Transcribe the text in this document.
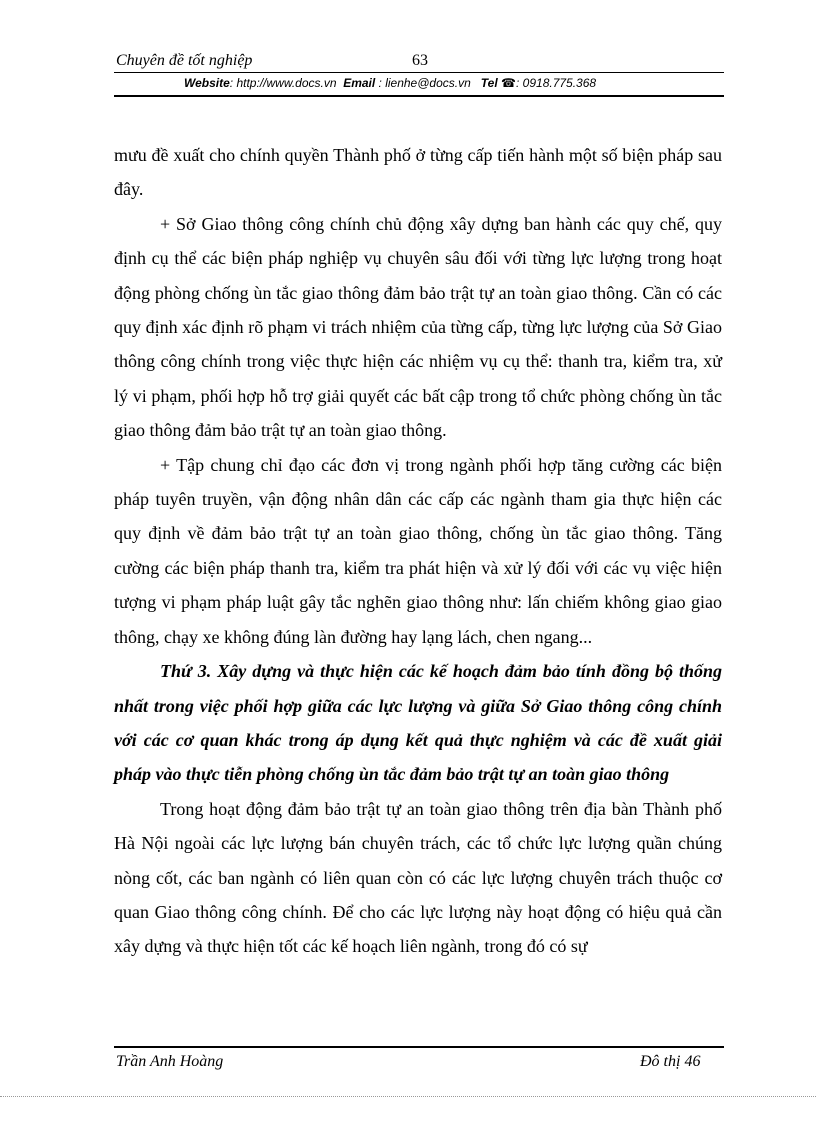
Chuyên đề tốt nghiệp	63
Website: http://www.docs.vn Email : lienhe@docs.vn Tel ☎: 0918.775.368

mưu đề xuất cho chính quyền Thành phố ở từng cấp tiến hành một số biện pháp sau đây.

+ Sở Giao thông công chính chủ động xây dựng ban hành các quy chế, quy định cụ thể các biện pháp nghiệp vụ chuyên sâu đối với từng lực lượng trong hoạt động phòng chống ùn tắc giao thông đảm bảo trật tự an toàn giao thông. Cần có các quy định xác định rõ phạm vi trách nhiệm của từng cấp, từng lực lượng của Sở Giao thông công chính trong việc thực hiện các nhiệm vụ cụ thể: thanh tra, kiểm tra, xử lý vi phạm, phối hợp hỗ trợ giải quyết các bất cập trong tổ chức phòng chống ùn tắc giao thông đảm bảo trật tự an toàn giao thông.

+ Tập chung chỉ đạo các đơn vị trong ngành phối hợp tăng cường các biện pháp tuyên truyền, vận động nhân dân các cấp các ngành tham gia thực hiện các quy định về đảm bảo trật tự an toàn giao thông, chống ùn tắc giao thông. Tăng cường các biện pháp thanh tra, kiểm tra phát hiện và xử lý đối với các vụ việc hiện tượng vi phạm pháp luật gây tắc nghẽn giao thông như: lấn chiếm không giao giao thông, chạy xe không đúng làn đường hay lạng lách, chen ngang...

Thứ 3. Xây dựng và thực hiện các kế hoạch đảm bảo tính đồng bộ thống nhất trong việc phối hợp giữa các lực lượng và giữa Sở Giao thông công chính với các cơ quan khác trong áp dụng kết quả thực nghiệm và các đề xuất giải pháp vào thực tiễn phòng chống ùn tắc đảm bảo trật tự an toàn giao thông

Trong hoạt động đảm bảo trật tự an toàn giao thông trên địa bàn Thành phố Hà Nội ngoài các lực lượng bán chuyên trách, các tổ chức lực lượng quần chúng nòng cốt, các ban ngành có liên quan còn có các lực lượng chuyên trách thuộc cơ quan Giao thông công chính. Để cho các lực lượng này hoạt động có hiệu quả cần xây dựng và thực hiện tốt các kế hoạch liên ngành, trong đó có sự

Trần Anh Hoàng	Đô thị 46
